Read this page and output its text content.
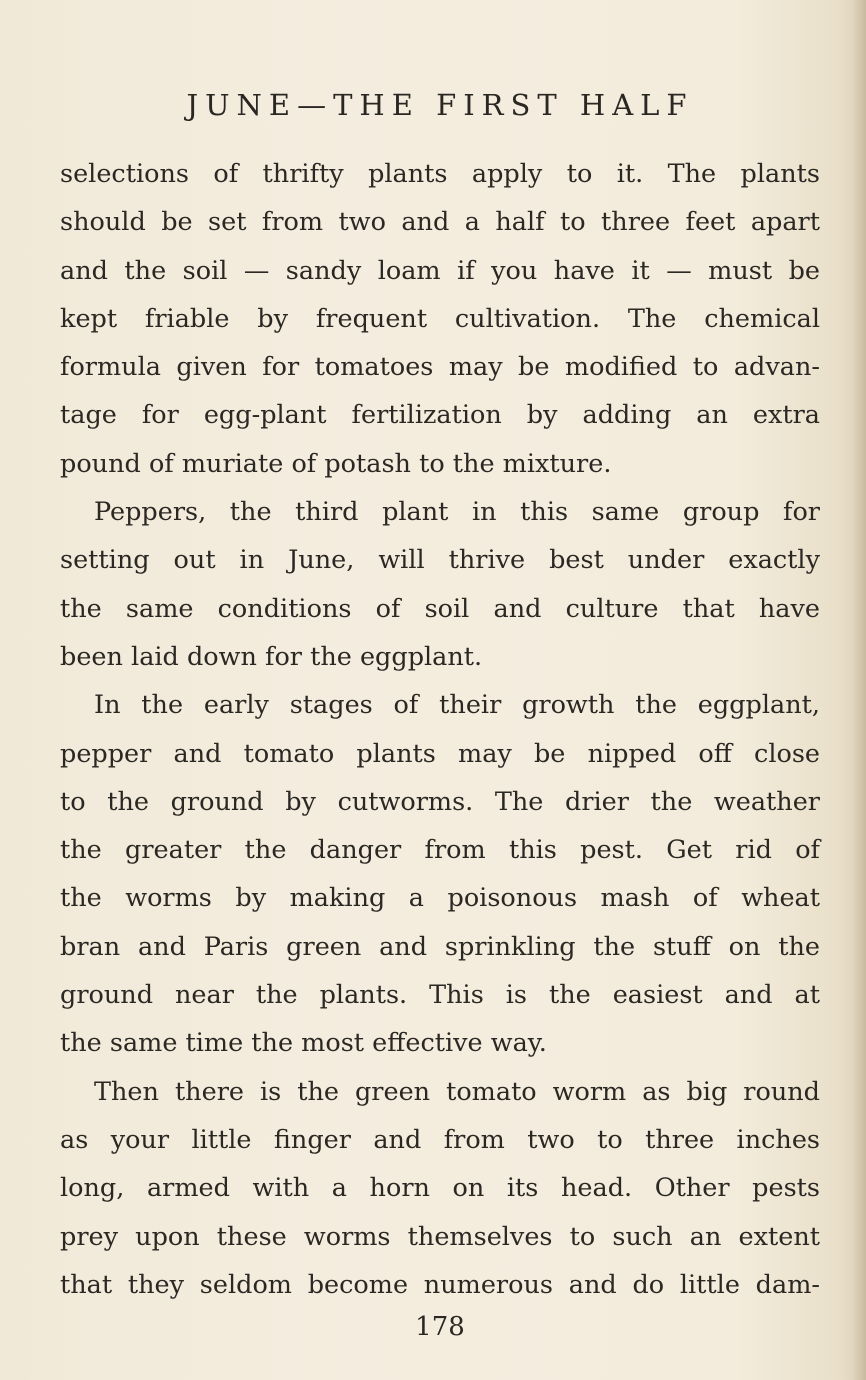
JUNE—THE FIRST HALF
selections of thrifty plants apply to it. The plants
should be set from two and a half to three feet apart
and the soil — sandy loam if you have it — must be
kept friable by frequent cultivation. The chemical
formula given for tomatoes may be modified to advan-
tage for egg-plant fertilization by adding an extra
pound of muriate of potash to the mixture.
Peppers, the third plant in this same group for
setting out in June, will thrive best under exactly
the same conditions of soil and culture that have
been laid down for the eggplant.
In the early stages of their growth the eggplant,
pepper and tomato plants may be nipped off close
to the ground by cutworms. The drier the weather
the greater the danger from this pest. Get rid of
the worms by making a poisonous mash of wheat
bran and Paris green and sprinkling the stuff on the
ground near the plants. This is the easiest and at
the same time the most effective way.
Then there is the green tomato worm as big round
as your little finger and from two to three inches
long, armed with a horn on its head. Other pests
prey upon these worms themselves to such an extent
that they seldom become numerous and do little dam-
178
